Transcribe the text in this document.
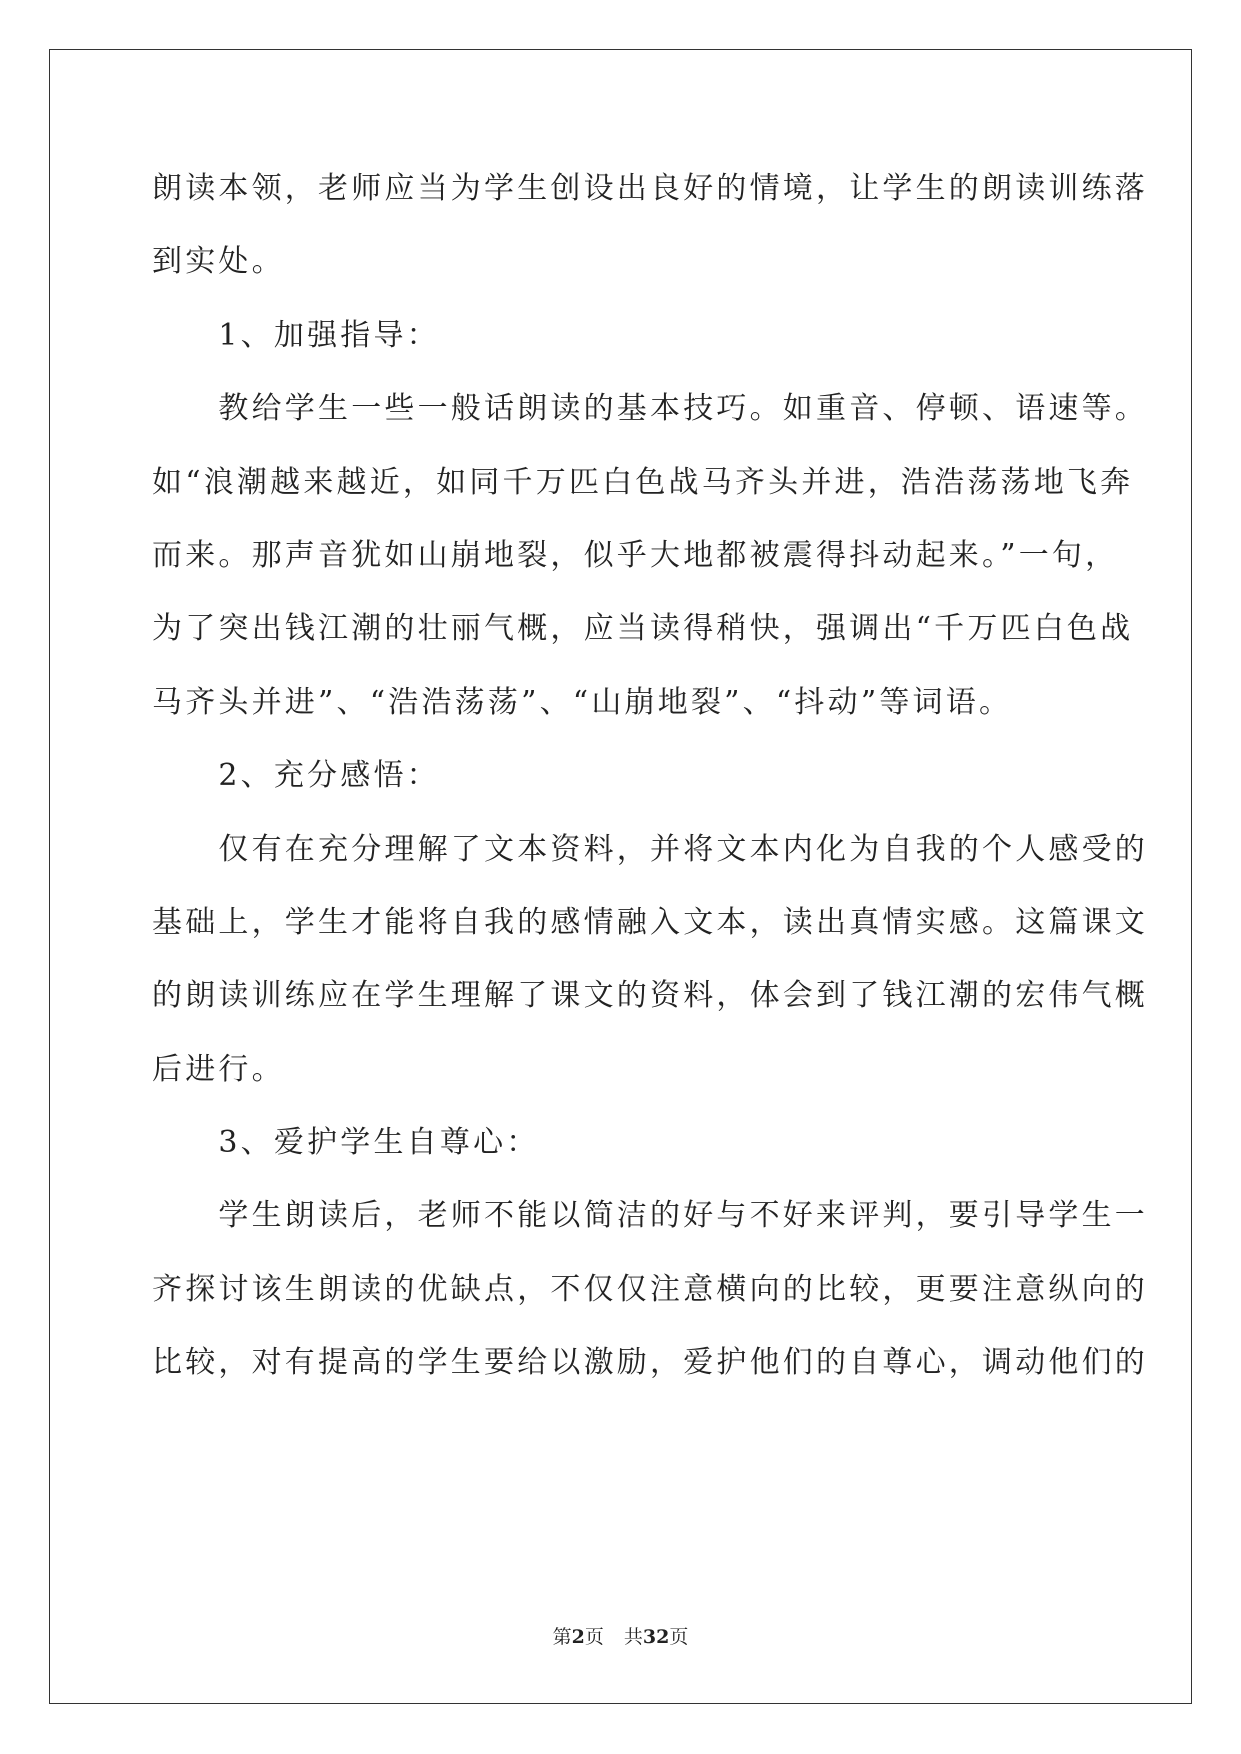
朗读本领，老师应当为学生创设出良好的情境，让学生的朗读训练落

到实处。

　　1、加强指导：

　　教给学生一些一般话朗读的基本技巧。如重音、停顿、语速等。

如“浪潮越来越近，如同千万匹白色战马齐头并进，浩浩荡荡地飞奔

而来。那声音犹如山崩地裂，似乎大地都被震得抖动起来。”一句，

为了突出钱江潮的壮丽气概，应当读得稍快，强调出“千万匹白色战

马齐头并进”、“浩浩荡荡”、“山崩地裂”、“抖动”等词语。

　　2、充分感悟：

　　仅有在充分理解了文本资料，并将文本内化为自我的个人感受的

基础上，学生才能将自我的感情融入文本，读出真情实感。这篇课文

的朗读训练应在学生理解了课文的资料，体会到了钱江潮的宏伟气概

后进行。

　　3、爱护学生自尊心：

　　学生朗读后，老师不能以简洁的好与不好来评判，要引导学生一

齐探讨该生朗读的优缺点，不仅仅注意横向的比较，更要注意纵向的

比较，对有提高的学生要给以激励，爱护他们的自尊心，调动他们的

第2页 共32页
